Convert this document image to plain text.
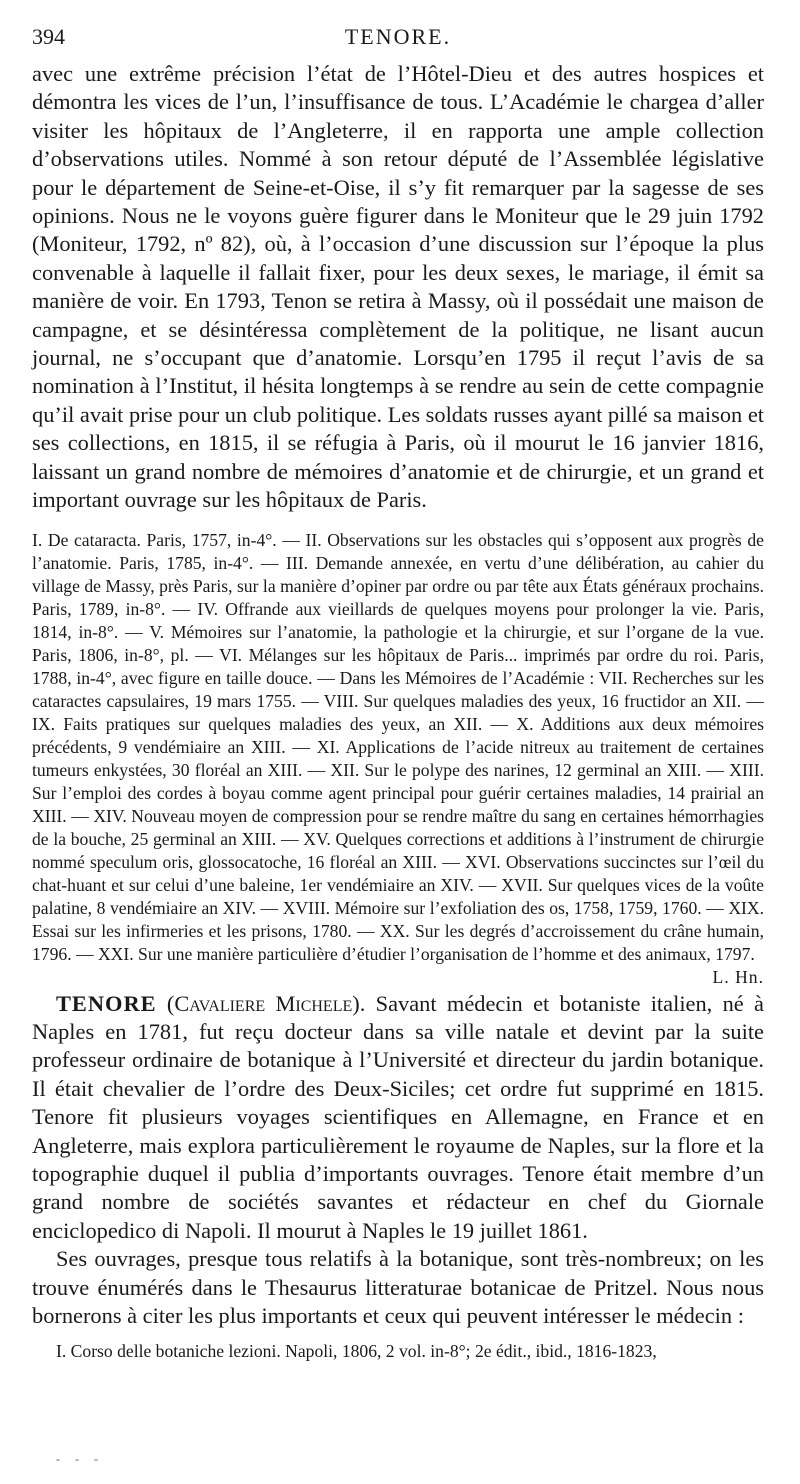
394	TENORE.

avec une extrême précision l’état de l’Hôtel-Dieu et des autres hospices et démontra les vices de l’un, l’insuffisance de tous. L’Académie le chargea d’aller visiter les hôpitaux de l’Angleterre, il en rapporta une ample collection d’observations utiles. Nommé à son retour député de l’Assemblée législative pour le département de Seine-et-Oise, il s’y fit remarquer par la sagesse de ses opinions. Nous ne le voyons guère figurer dans le Moniteur que le 29 juin 1792 (Moniteur, 1792, nº 82), où, à l’occasion d’une discussion sur l’époque la plus convenable à laquelle il fallait fixer, pour les deux sexes, le mariage, il émit sa manière de voir. En 1793, Tenon se retira à Massy, où il possédait une maison de campagne, et se désintéressa complètement de la politique, ne lisant aucun journal, ne s’occupant que d’anatomie. Lorsqu’en 1795 il reçut l’avis de sa nomination à l’Institut, il hésita longtemps à se rendre au sein de cette compagnie qu’il avait prise pour un club politique. Les soldats russes ayant pillé sa maison et ses collections, en 1815, il se réfugia à Paris, où il mourut le 16 janvier 1816, laissant un grand nombre de mémoires d’anatomie et de chirurgie, et un grand et important ouvrage sur les hôpitaux de Paris.

I. De cataracta. Paris, 1757, in-4°. — II. Observations sur les obstacles qui s’opposent aux progrès de l’anatomie. Paris, 1785, in-4°. — III. Demande annexée, en vertu d’une délibération, au cahier du village de Massy, près Paris, sur la manière d’opiner par ordre ou par tête aux États généraux prochains. Paris, 1789, in-8°. — IV. Offrande aux vieillards de quelques moyens pour prolonger la vie. Paris, 1814, in-8°. — V. Mémoires sur l’anatomie, la pathologie et la chirurgie, et sur l’organe de la vue. Paris, 1806, in-8°, pl. — VI. Mélanges sur les hôpitaux de Paris... imprimés par ordre du roi. Paris, 1788, in-4°, avec figure en taille douce. — Dans les Mémoires de l’Académie : VII. Recherches sur les cataractes capsulaires, 19 mars 1755. — VIII. Sur quelques maladies des yeux, 16 fructidor an XII. — IX. Faits pratiques sur quelques maladies des yeux, an XII. — X. Additions aux deux mémoires précédents, 9 vendémiaire an XIII. — XI. Applications de l’acide nitreux au traitement de certaines tumeurs enkystées, 30 floréal an XIII. — XII. Sur le polype des narines, 12 germinal an XIII. — XIII. Sur l’emploi des cordes à boyau comme agent principal pour guérir certaines maladies, 14 prairial an XIII. — XIV. Nouveau moyen de compression pour se rendre maître du sang en certaines hémorrhagies de la bouche, 25 germinal an XIII. — XV. Quelques corrections et additions à l’instrument de chirurgie nommé speculum oris, glossocatoche, 16 floréal an XIII. — XVI. Observations succinctes sur l’œil du chat-huant et sur celui d’une baleine, 1er vendémiaire an XIV. — XVII. Sur quelques vices de la voûte palatine, 8 vendémiaire an XIV. — XVIII. Mémoire sur l’exfoliation des os, 1758, 1759, 1760. — XIX. Essai sur les infirmeries et les prisons, 1780. — XX. Sur les degrés d’accroissement du crâne humain, 1796. — XXI. Sur une manière particulière d’étudier l’organisation de l’homme et des animaux, 1797.
L. Hn.

TENORE (Cavaliere Michele). Savant médecin et botaniste italien, né à Naples en 1781, fut reçu docteur dans sa ville natale et devint par la suite professeur ordinaire de botanique à l’Université et directeur du jardin botanique. Il était chevalier de l’ordre des Deux-Siciles; cet ordre fut supprimé en 1815. Tenore fit plusieurs voyages scientifiques en Allemagne, en France et en Angleterre, mais explora particulièrement le royaume de Naples, sur la flore et la topographie duquel il publia d’importants ouvrages. Tenore était membre d’un grand nombre de sociétés savantes et rédacteur en chef du Giornale enciclopedico di Napoli. Il mourut à Naples le 19 juillet 1861.

Ses ouvrages, presque tous relatifs à la botanique, sont très-nombreux; on les trouve énumérés dans le Thesaurus litteraturae botanicae de Pritzel. Nous nous bornerons à citer les plus importants et ceux qui peuvent intéresser le médecin :

I. Corso delle botaniche lezioni. Napoli, 1806, 2 vol. in-8°; 2e édit., ibid., 1816-1823,

- - -
